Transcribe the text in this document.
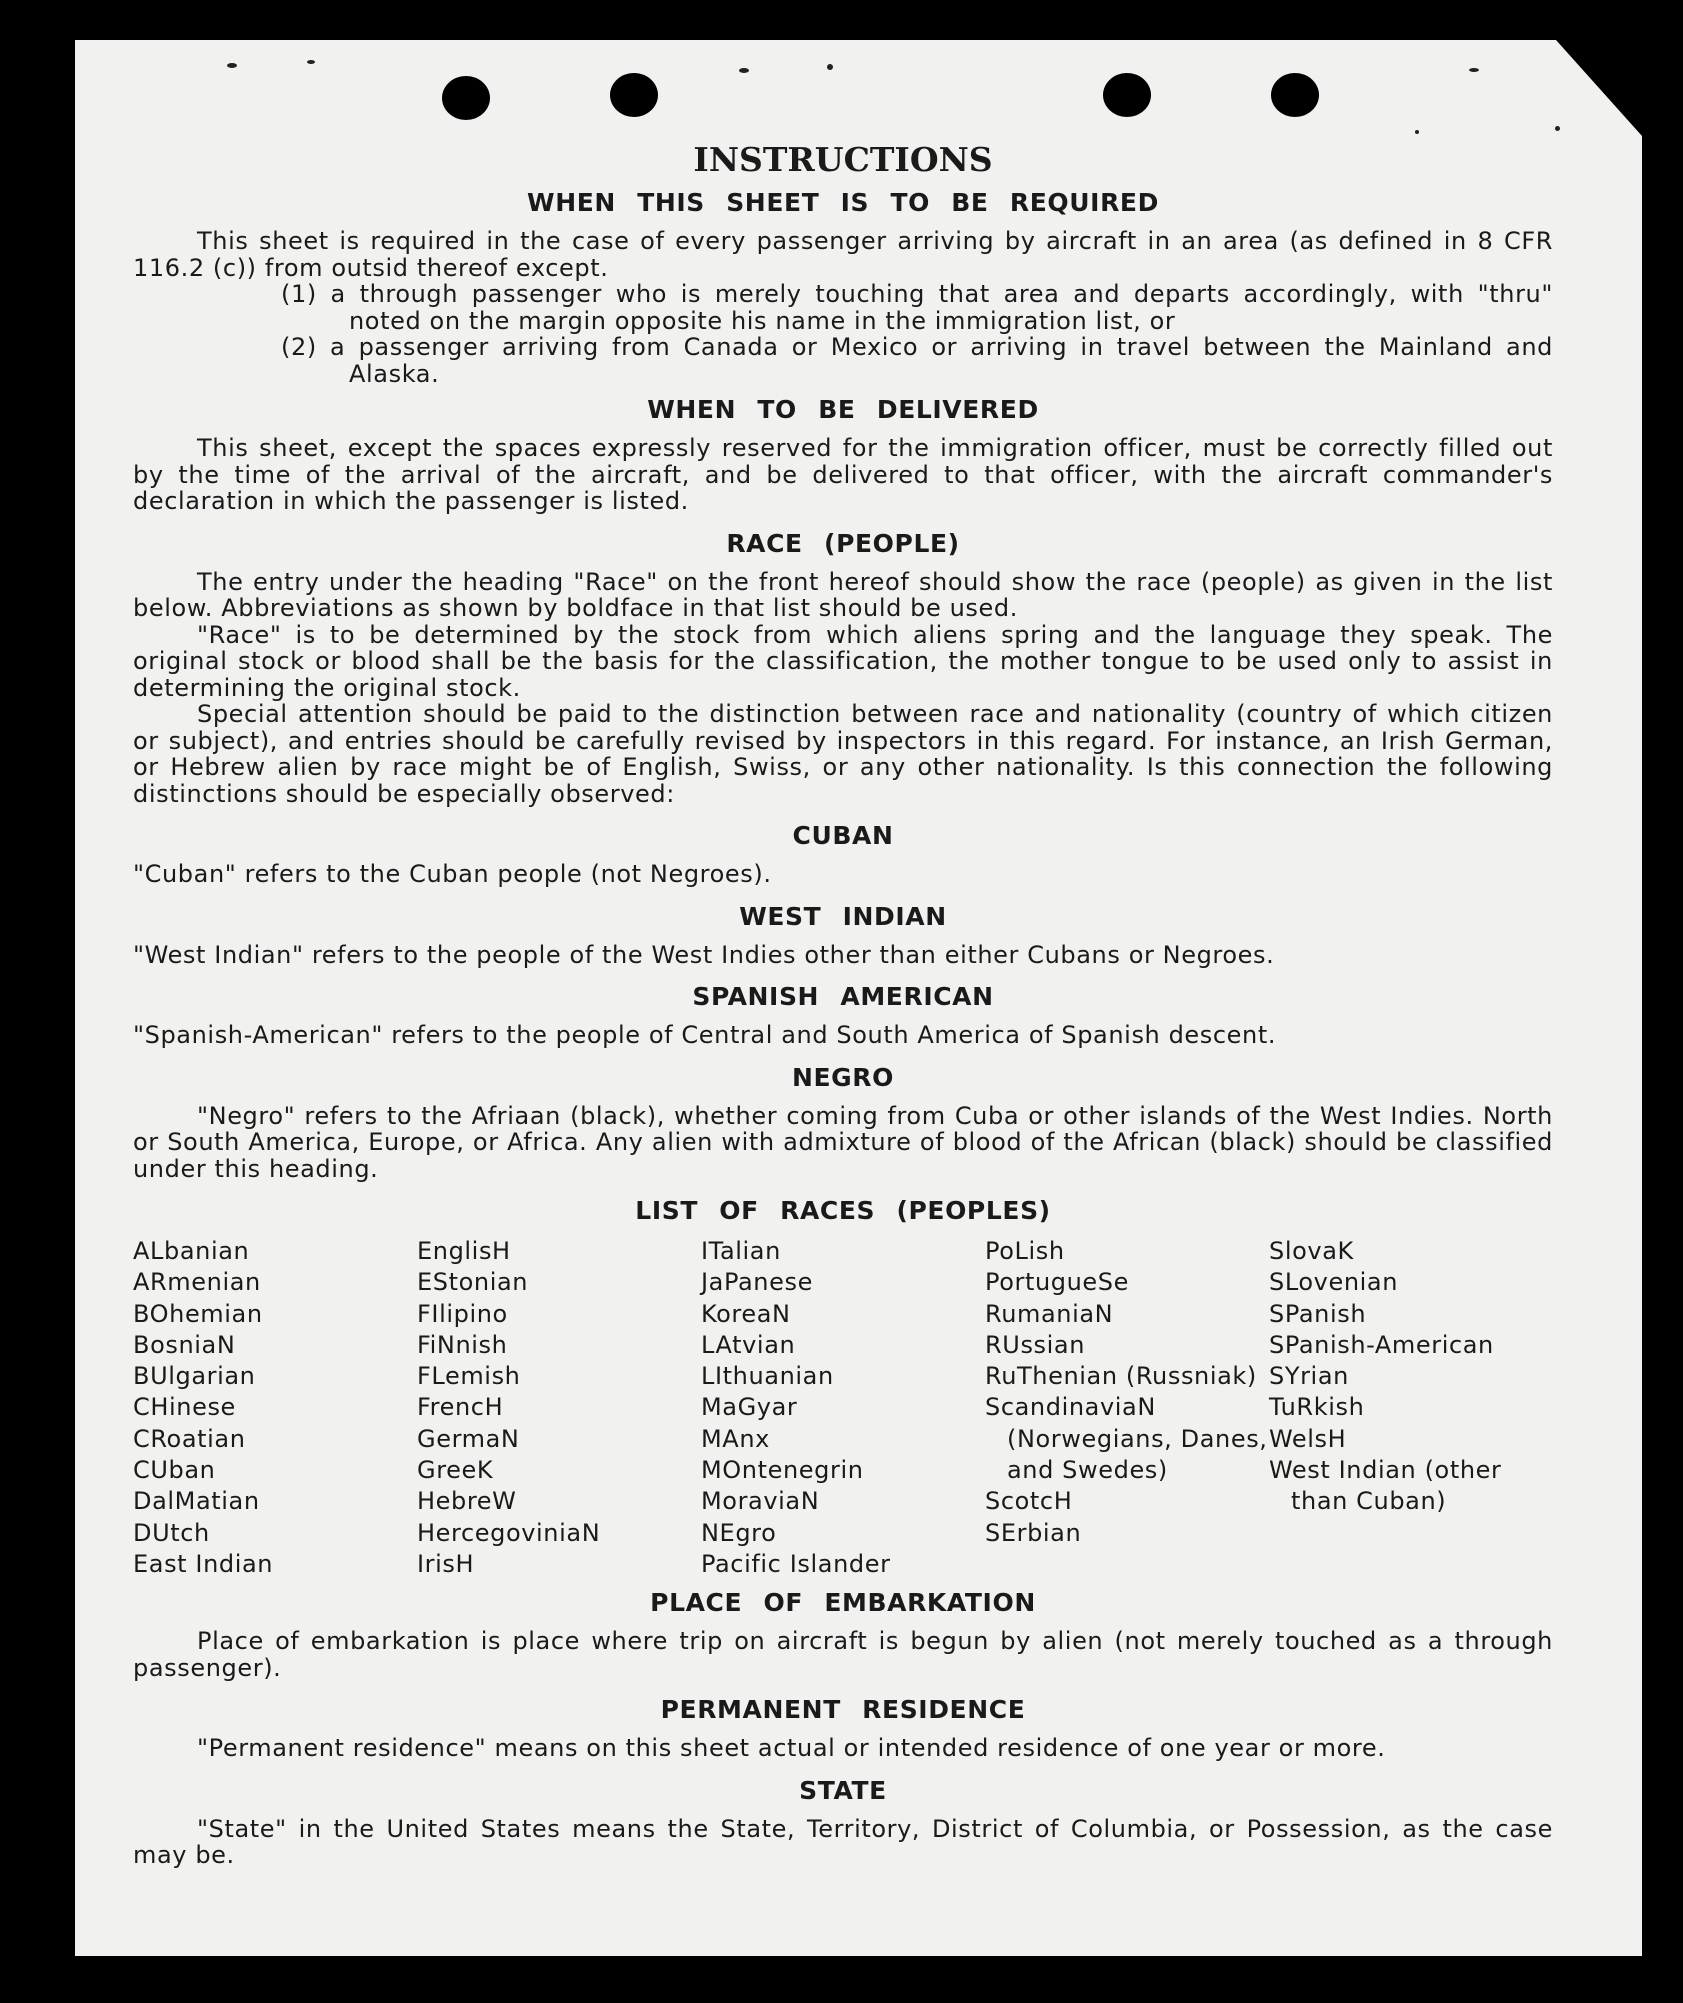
INSTRUCTIONS
WHEN THIS SHEET IS TO BE REQUIRED

This sheet is required in the case of every passenger arriving by aircraft in an area (as defined in 8 CFR 116.2 (c)) from outsid thereof except.

(1) a through passenger who is merely touching that area and departs accordingly, with "thru" noted on the margin opposite his name in the immigration list, or

(2) a passenger arriving from Canada or Mexico or arriving in travel between the Mainland and Alaska.

WHEN TO BE DELIVERED

This sheet, except the spaces expressly reserved for the immigration officer, must be correctly filled out by the time of the arrival of the aircraft, and be delivered to that officer, with the aircraft commander's declaration in which the passenger is listed.

RACE (PEOPLE)

The entry under the heading "Race" on the front hereof should show the race (people) as given in the list below. Abbreviations as shown by boldface in that list should be used.

"Race" is to be determined by the stock from which aliens spring and the language they speak. The original stock or blood shall be the basis for the classification, the mother tongue to be used only to assist in determining the original stock.

Special attention should be paid to the distinction between race and nationality (country of which citizen or subject), and entries should be carefully revised by inspectors in this regard. For instance, an Irish German, or Hebrew alien by race might be of English, Swiss, or any other nationality. Is this connection the following distinctions should be especially observed:

CUBAN

"Cuban" refers to the Cuban people (not Negroes).

WEST INDIAN

"West Indian" refers to the people of the West Indies other than either Cubans or Negroes.

SPANISH AMERICAN

"Spanish-American" refers to the people of Central and South America of Spanish descent.

NEGRO

"Negro" refers to the Afriaan (black), whether coming from Cuba or other islands of the West Indies. North or South America, Europe, or Africa. Any alien with admixture of blood of the African (black) should be classified under this heading.

LIST OF RACES (PEOPLES)
ALbanian
ARmenian
BOhemian
BosniaN
BUlgarian
CHinese
CRoatian
CUban
DalMatian
DUtch
East Indian
EnglisH
EStonian
FIlipino
FiNnish
FLemish
FrencH
GermaN
GreeK
HebreW
HercegoviniaN
IrisH
ITalian
JaPanese
KoreaN
LAtvian
LIthuanian
MaGyar
MAnx
MOntenegrin
MoraviaN
NEgro
Pacific Islander
PoLish
PortugueSe
RumaniaN
RUssian
RuThenian (Russniak)
ScandinaviaN (Norwegians, Danes, and Swedes)
ScotcH
SErbian
SlovaK
SLovenian
SPanish
SPanish-American
SYrian
TuRkish
WelsH
West Indian (other than Cuban)
PLACE OF EMBARKATION

Place of embarkation is place where trip on aircraft is begun by alien (not merely touched as a through passenger).

PERMANENT RESIDENCE

"Permanent residence" means on this sheet actual or intended residence of one year or more.

STATE

"State" in the United States means the State, Territory, District of Columbia, or Possession, as the case may be.
